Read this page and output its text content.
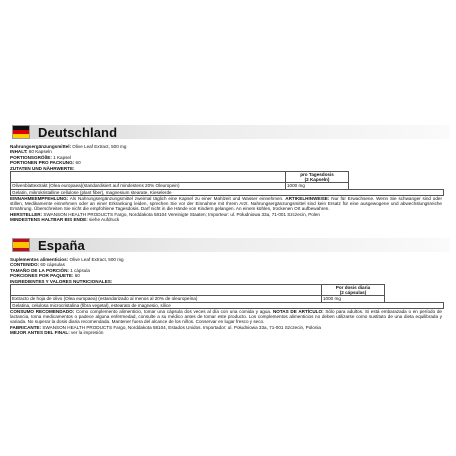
Deutschland
Nahrungsergänzungsmittel: Olive Leaf Extract, 500 mg
INHALT: 60 Kapseln
PORTIONSGRÖßE: 1 Kapsel
PORTIONEN PRO PACKUNG: 60
ZUTATEN UND NÄHRWERTE:

	pro Tagesdosis
(2 Kapseln)	

Olivenblattextrakt (Olea europaea)(standardisiert auf mindestens 20% Oleuropein)	1000 mg	
Gelatin, mikrokristalline cellulose (plant fiber), magnesium stearate, Kieselerde		
EINNAHMEEMPFEHLUNG: Als Nahrungsergänzungsmittel zweimal täglich eine Kapsel zu einer Mahlzeit und Wasser einnehmen. ARTIKELHINWEISE: Nur für Erwachsene. Wenn Sie schwanger sind oder stillen, Medikamente einnehmen oder an einer Erkrankung leiden, sprechen Sie vor der Einnahme mit Ihrem Arzt. Nahrungsergänzungsmittel sind kein Ersatz für eine ausgewogene und abwechslungsreiche Ernährung. Überschreiten Sie nicht die empfohlene Tagesdosis. Darf nicht in die Hände von Kindern gelangen. An einem kühlen, trockenen Ort aufbewahren.
HERSTELLER: SWANSON HEALTH PRODUCTS Fargo, Norddakota 58104 Vereinigte Staaten; Importeur: ul. Południowa 33a, 71-001 Szczecin, Polen
MINDESTENS HALTBAR BIS ENDE: siehe Aufdruck
España
Suplementos alimenticios: Olive Leaf Extract, 500 mg
CONTENIDO: 60 cápsulas
TAMAÑO DE LA PORCIÓN: 1 cápsula
PORCIONES POR PAQUETE: 60
INGREDIENTES Y VALORES NUTRICIONALES:

	Por dosis diaria
(2 cápsulas)	

Extracto de hoja de olivo (Olea europaea) (estandarizado al menos al 20% de oleuropeína)	1000 mg	
Gelatina, celulosa microcristalina (fibra vegetal), estearato de magnesio, sílice		
CONSUMO RECOMENDADO: Como complemento alimenticio, tomar una cápsula dos veces al día con una comida y agua. NOTAS DE ARTÍCULO: Sólo para adultos. Si está embarazada o en período de lactancia, toma medicamentos o padece alguna enfermedad, consulte a su médico antes de tomar este producto. Los complementos alimenticios no deben utilizarse como sustituto de una dieta equilibrada y variada. No superar la dosis diaria recomendada. Mantener fuera del alcance de los niños. Conservar en lugar fresco y seco.
FABRICANTE: SWANSON HEALTH PRODUCTS Fargo, Norddakota 58104, Estados Unidos. Importador: ul. Południowa 33a, 71-001 Szczecin, Polonia
MEJOR ANTES DEL FINAL: ver la impresión
